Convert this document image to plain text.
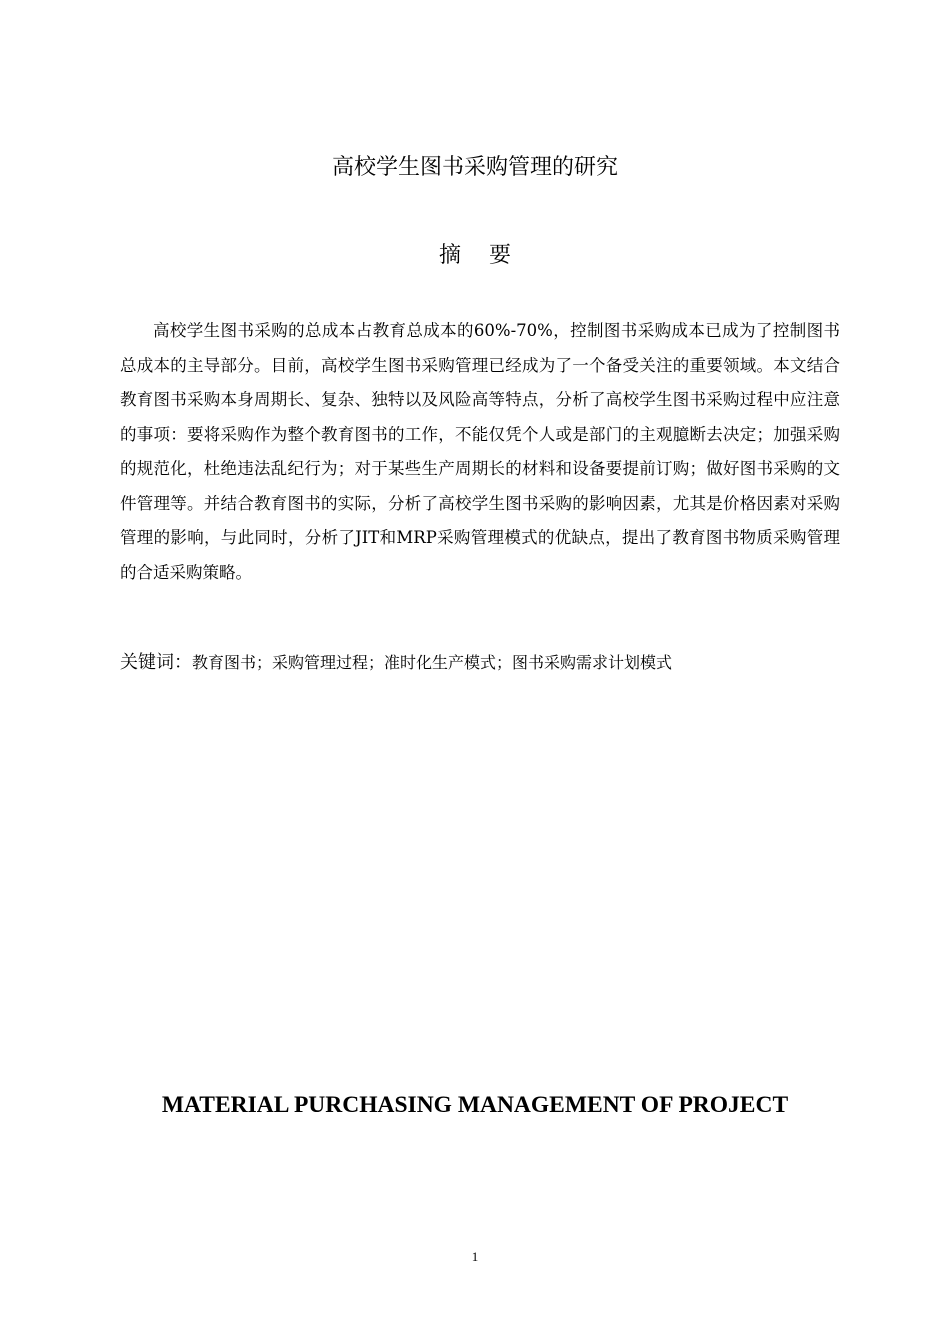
高校学生图书采购管理的研究
摘要
高校学生图书采购的总成本占教育总成本的60%-70%，控制图书采购成本已成为了控制图书总成本的主导部分。目前，高校学生图书采购管理已经成为了一个备受关注的重要领域。本文结合教育图书采购本身周期长、复杂、独特以及风险高等特点，分析了高校学生图书采购过程中应注意的事项：要将采购作为整个教育图书的工作，不能仅凭个人或是部门的主观臆断去决定；加强采购的规范化，杜绝违法乱纪行为；对于某些生产周期长的材料和设备要提前订购；做好图书采购的文件管理等。并结合教育图书的实际，分析了高校学生图书采购的影响因素，尤其是价格因素对采购管理的影响，与此同时，分析了JIT和MRP采购管理模式的优缺点，提出了教育图书物质采购管理的合适采购策略。
关键词：教育图书；采购管理过程；准时化生产模式；图书采购需求计划模式
MATERIAL PURCHASING MANAGEMENT OF PROJECT
1
